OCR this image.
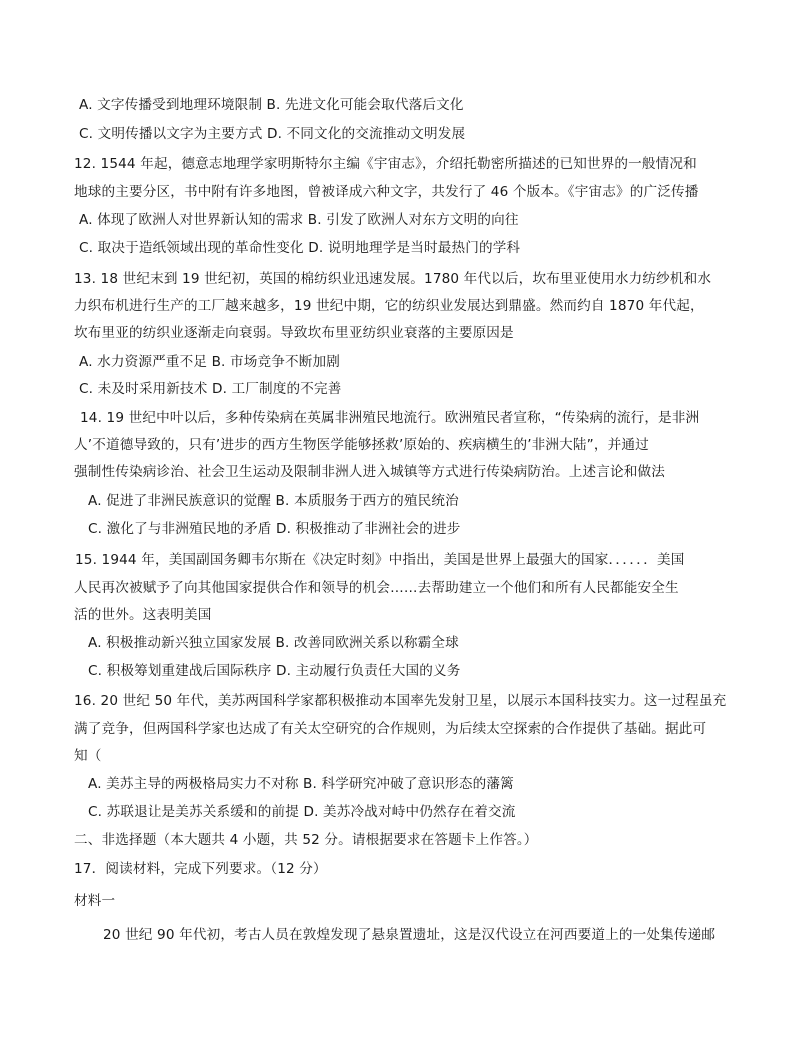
A. 文字传播受到地理环境限制 B. 先进文化可能会取代落后文化
C. 文明传播以文字为主要方式 D. 不同文化的交流推动文明发展
12. 1544 年起，德意志地理学家明斯特尔主编《宇宙志》，介绍托勒密所描述的已知世界的一般情况和
地球的主要分区，书中附有许多地图，曾被译成六种文字，共发行了 46 个版本。《宇宙志》的广泛传播
A. 体现了欧洲人对世界新认知的需求 B. 引发了欧洲人对东方文明的向往
C. 取决于造纸领域出现的革命性变化 D. 说明地理学是当时最热门的学科
13. 18 世纪末到 19 世纪初，英国的棉纺织业迅速发展。1780 年代以后，坎布里亚使用水力纺纱机和水
力织布机进行生产的工厂越来越多，19 世纪中期，它的纺织业发展达到鼎盛。然而约自 1870 年代起，
坎布里亚的纺织业逐渐走向衰弱。导致坎布里亚纺织业衰落的主要原因是
A. 水力资源严重不足 B. 市场竞争不断加剧
C. 未及时采用新技术 D. 工厂制度的不完善
14. 19 世纪中叶以后，多种传染病在英属非洲殖民地流行。欧洲殖民者宣称，“传染病的流行，是非洲
人’不道德导致的，只有’进步的西方生物医学能够拯救’原始的、疾病横生的’非洲大陆”，并通过
强制性传染病诊治、社会卫生运动及限制非洲人进入城镇等方式进行传染病防治。上述言论和做法
A. 促进了非洲民族意识的觉醒 B. 本质服务于西方的殖民统治
C. 激化了与非洲殖民地的矛盾 D. 积极推动了非洲社会的进步
15. 1944 年，美国副国务卿韦尔斯在《决定时刻》中指出，美国是世界上最强大的国家．．．．．．美国
人民再次被赋予了向其他国家提供合作和领导的机会……去帮助建立一个他们和所有人民都能安全生
活的世外。这表明美国
A. 积极推动新兴独立国家发展 B. 改善同欧洲关系以称霸全球
C. 积极筹划重建战后国际秩序 D. 主动履行负责任大国的义务
16. 20 世纪 50 年代，美苏两国科学家都积极推动本国率先发射卫星，以展示本国科技实力。这一过程虽充
满了竞争，但两国科学家也达成了有关太空研究的合作规则，为后续太空探索的合作提供了基础。据此可
知（
A. 美苏主导的两极格局实力不对称 B. 科学研究冲破了意识形态的藩篱
C. 苏联退让是美苏关系缓和的前提 D. 美苏冷战对峙中仍然存在着交流
二、非选择题（本大题共 4 小题，共 52 分。请根据要求在答题卡上作答。）
17．阅读材料，完成下列要求。（12 分）
材料一
20 世纪 90 年代初，考古人员在敦煌发现了悬泉置遗址，这是汉代设立在河西要道上的一处集传递邮
